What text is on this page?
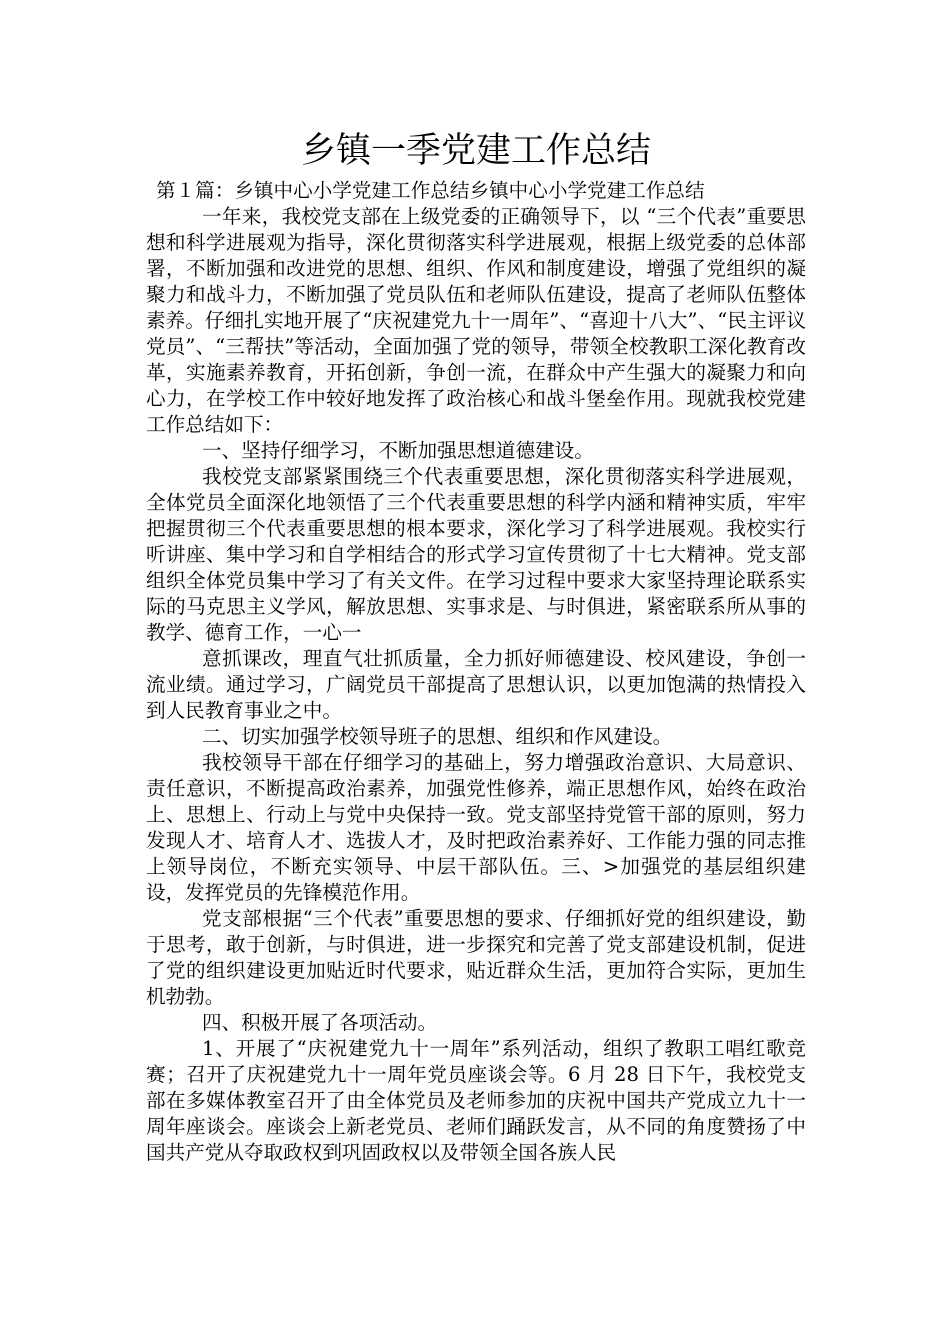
乡镇一季党建工作总结

第１篇：乡镇中心小学党建工作总结乡镇中心小学党建工作总结

一年来，我校党支部在上级党委的正确领导下，以 “三个代表”重要思想和科学进展观为指导，深化贯彻落实科学进展观，根据上级党委的总体部署，不断加强和改进党的思想、组织、作风和制度建设，增强了党组织的凝聚力和战斗力，不断加强了党员队伍和老师队伍建设，提高了老师队伍整体素养。仔细扎实地开展了“庆祝建党九十一周年”、“喜迎十八大”、“民主评议党员”、“三帮扶”等活动，全面加强了党的领导，带领全校教职工深化教育改革，实施素养教育，开拓创新，争创一流，在群众中产生强大的凝聚力和向心力，在学校工作中较好地发挥了政治核心和战斗堡垒作用。现就我校党建工作总结如下：

一、坚持仔细学习，不断加强思想道德建设。

我校党支部紧紧围绕三个代表重要思想，深化贯彻落实科学进展观，全体党员全面深化地领悟了三个代表重要思想的科学内涵和精神实质，牢牢把握贯彻三个代表重要思想的根本要求，深化学习了科学进展观。我校实行听讲座、集中学习和自学相结合的形式学习宣传贯彻了十七大精神。党支部组织全体党员集中学习了有关文件。在学习过程中要求大家坚持理论联系实际的马克思主义学风，解放思想、实事求是、与时俱进，紧密联系所从事的教学、德育工作，一心一

意抓课改，理直气壮抓质量，全力抓好师德建设、校风建设，争创一流业绩。通过学习，广阔党员干部提高了思想认识，以更加饱满的热情投入到人民教育事业之中。

二、切实加强学校领导班子的思想、组织和作风建设。

我校领导干部在仔细学习的基础上，努力增强政治意识、大局意识、责任意识，不断提高政治素养，加强党性修养，端正思想作风，始终在政治上、思想上、行动上与党中央保持一致。党支部坚持党管干部的原则，努力发现人才、培育人才、选拔人才，及时把政治素养好、工作能力强的同志推上领导岗位，不断充实领导、中层干部队伍。三、>加强党的基层组织建设，发挥党员的先锋模范作用。

党支部根据“三个代表”重要思想的要求、仔细抓好党的组织建设，勤于思考，敢于创新，与时俱进，进一步探究和完善了党支部建设机制，促进了党的组织建设更加贴近时代要求，贴近群众生活，更加符合实际，更加生机勃勃。

四、积极开展了各项活动。

1、开展了“庆祝建党九十一周年”系列活动，组织了教职工唱红歌竞赛；召开了庆祝建党九十一周年党员座谈会等。6 月 28 日下午，我校党支部在多媒体教室召开了由全体党员及老师参加的庆祝中国共产党成立九十一周年座谈会。座谈会上新老党员、老师们踊跃发言，从不同的角度赞扬了中国共产党从夺取政权到巩固政权以及带领全国各族人民
